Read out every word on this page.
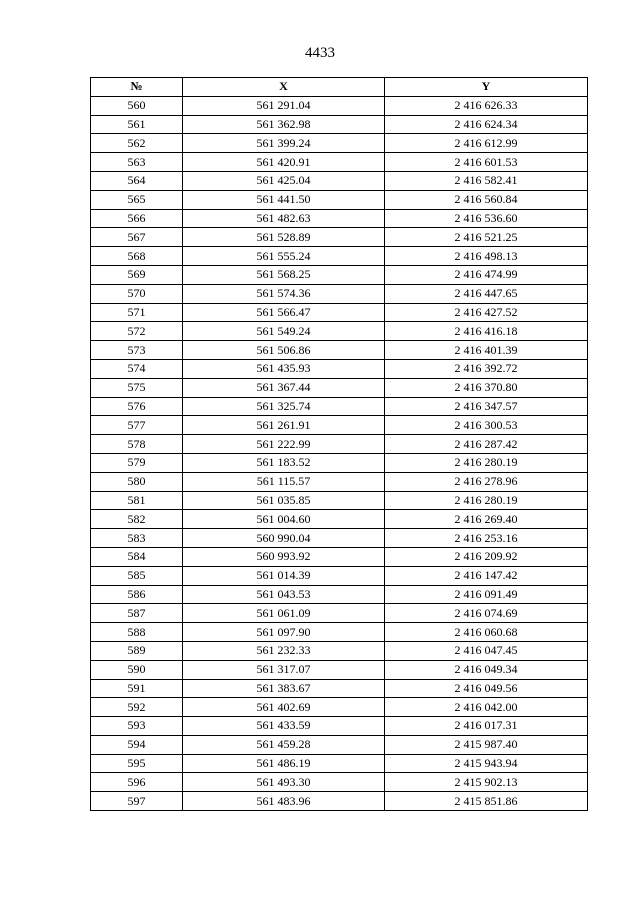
4433
№	X	Y
560	561 291.04	2 416 626.33
561	561 362.98	2 416 624.34
562	561 399.24	2 416 612.99
563	561 420.91	2 416 601.53
564	561 425.04	2 416 582.41
565	561 441.50	2 416 560.84
566	561 482.63	2 416 536.60
567	561 528.89	2 416 521.25
568	561 555.24	2 416 498.13
569	561 568.25	2 416 474.99
570	561 574.36	2 416 447.65
571	561 566.47	2 416 427.52
572	561 549.24	2 416 416.18
573	561 506.86	2 416 401.39
574	561 435.93	2 416 392.72
575	561 367.44	2 416 370.80
576	561 325.74	2 416 347.57
577	561 261.91	2 416 300.53
578	561 222.99	2 416 287.42
579	561 183.52	2 416 280.19
580	561 115.57	2 416 278.96
581	561 035.85	2 416 280.19
582	561 004.60	2 416 269.40
583	560 990.04	2 416 253.16
584	560 993.92	2 416 209.92
585	561 014.39	2 416 147.42
586	561 043.53	2 416 091.49
587	561 061.09	2 416 074.69
588	561 097.90	2 416 060.68
589	561 232.33	2 416 047.45
590	561 317.07	2 416 049.34
591	561 383.67	2 416 049.56
592	561 402.69	2 416 042.00
593	561 433.59	2 416 017.31
594	561 459.28	2 415 987.40
595	561 486.19	2 415 943.94
596	561 493.30	2 415 902.13
597	561 483.96	2 415 851.86
